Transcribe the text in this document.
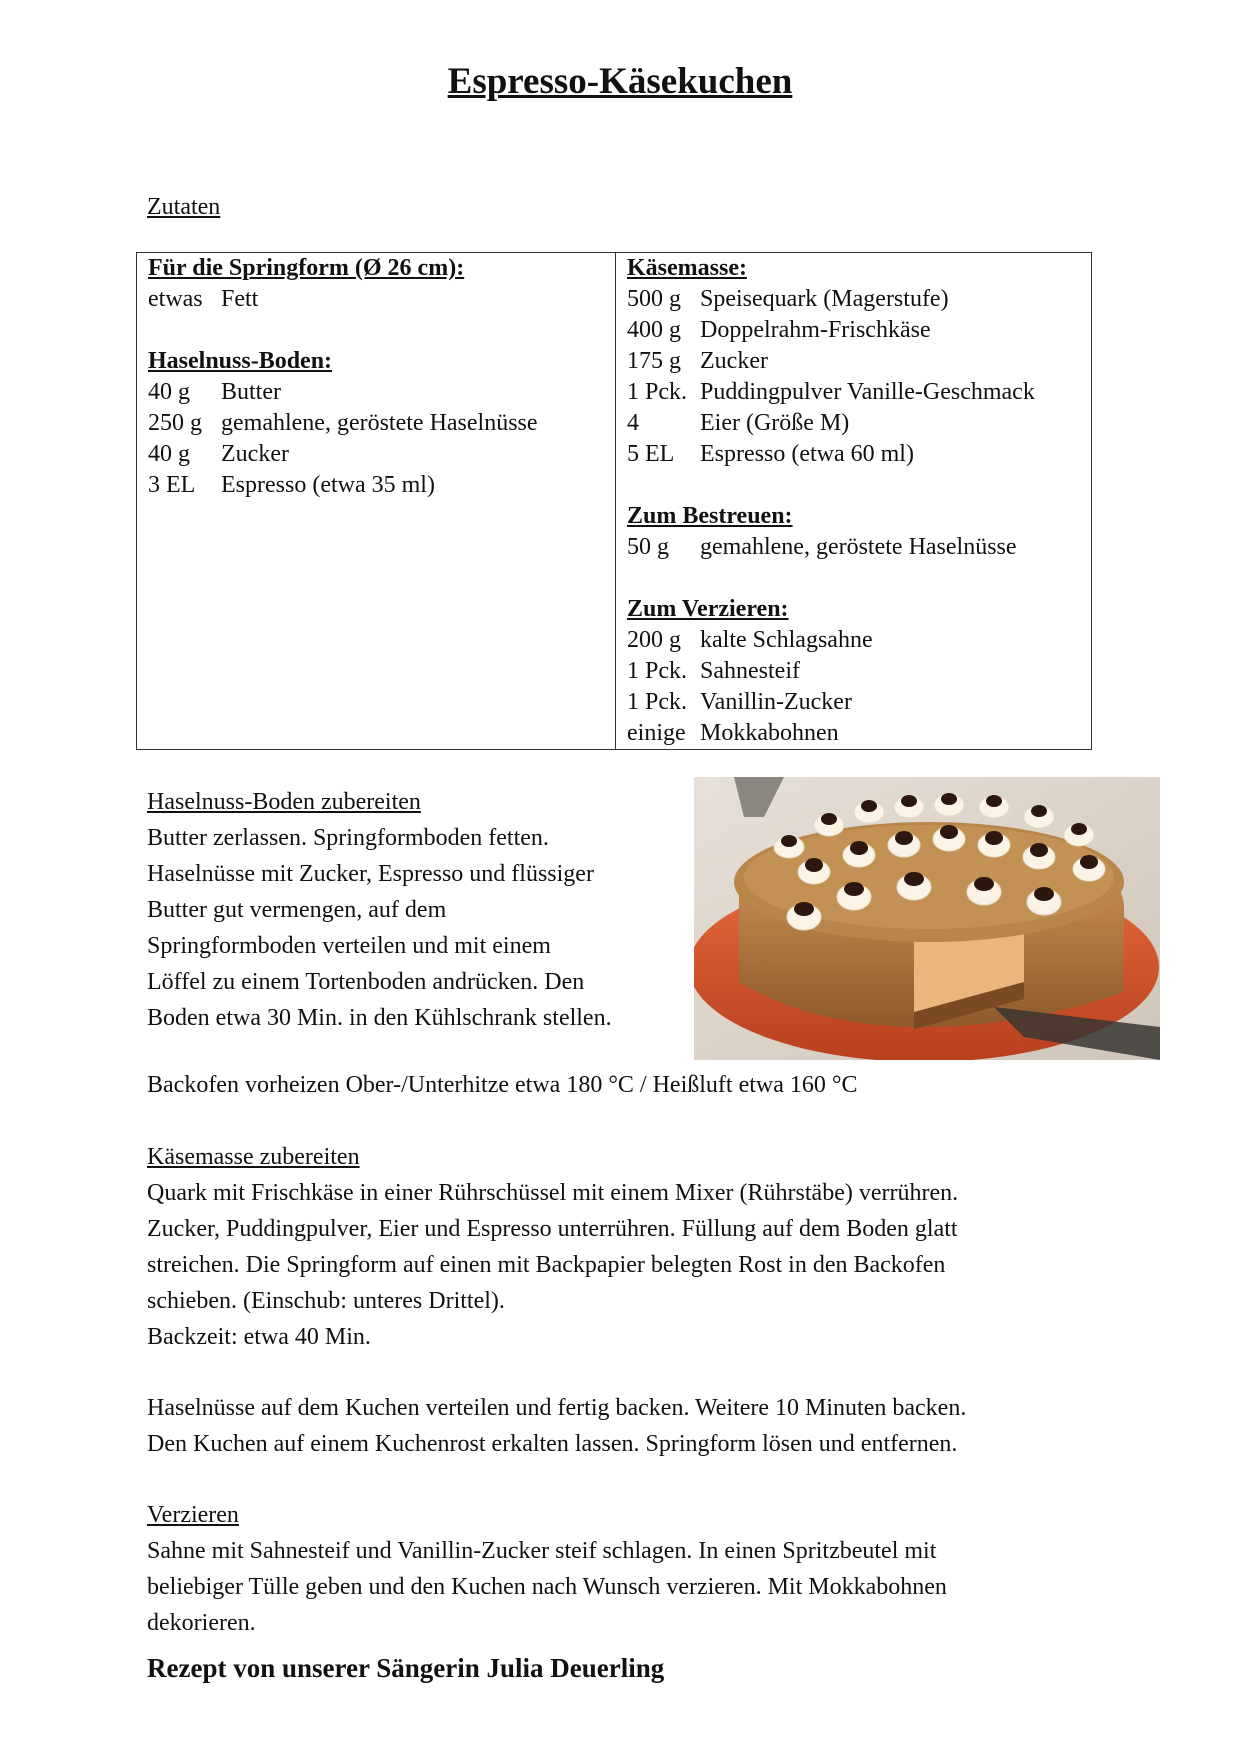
Espresso-Käsekuchen
Zutaten
Für die Springform (Ø 26 cm):
etwas Fett
Haselnuss-Boden:
40 g	Butter
250 g gemahlene, geröstete Haselnüsse
40 g	Zucker
3 EL	Espresso (etwa 35 ml)

Käsemasse:
500 g Speisequark (Magerstufe)
400 g Doppelrahm-Frischkäse
175 g Zucker
1 Pck. Puddingpulver Vanille-Geschmack
4	Eier (Größe M)
5 EL	Espresso (etwa 60 ml)
Zum Bestreuen:
50 g	gemahlene, geröstete Haselnüsse
Zum Verzieren:
200 g kalte Schlagsahne
1 Pck. Sahnesteif
1 Pck. Vanillin-Zucker
einige Mokkabohnen
Haselnuss-Boden zubereiten
Butter zerlassen. Springformboden fetten.
Haselnüsse mit Zucker, Espresso und flüssiger
Butter gut vermengen, auf dem
Springformboden verteilen und mit einem
Löffel zu einem Tortenboden andrücken. Den
Boden etwa 30 Min. in den Kühlschrank stellen.
Backofen vorheizen Ober-/Unterhitze etwa 180 °C / Heißluft etwa 160 °C
Käsemasse zubereiten
Quark mit Frischkäse in einer Rührschüssel mit einem Mixer (Rührstäbe) verrühren.
Zucker, Puddingpulver, Eier und Espresso unterrühren. Füllung auf dem Boden glatt
streichen. Die Springform auf einen mit Backpapier belegten Rost in den Backofen
schieben. (Einschub: unteres Drittel).
Backzeit: etwa 40 Min.
Haselnüsse auf dem Kuchen verteilen und fertig backen. Weitere 10 Minuten backen.
Den Kuchen auf einem Kuchenrost erkalten lassen. Springform lösen und entfernen.
Verzieren
Sahne mit Sahnesteif und Vanillin-Zucker steif schlagen. In einen Spritzbeutel mit
beliebiger Tülle geben und den Kuchen nach Wunsch verzieren. Mit Mokkabohnen
dekorieren.
Rezept von unserer Sängerin Julia Deuerling
